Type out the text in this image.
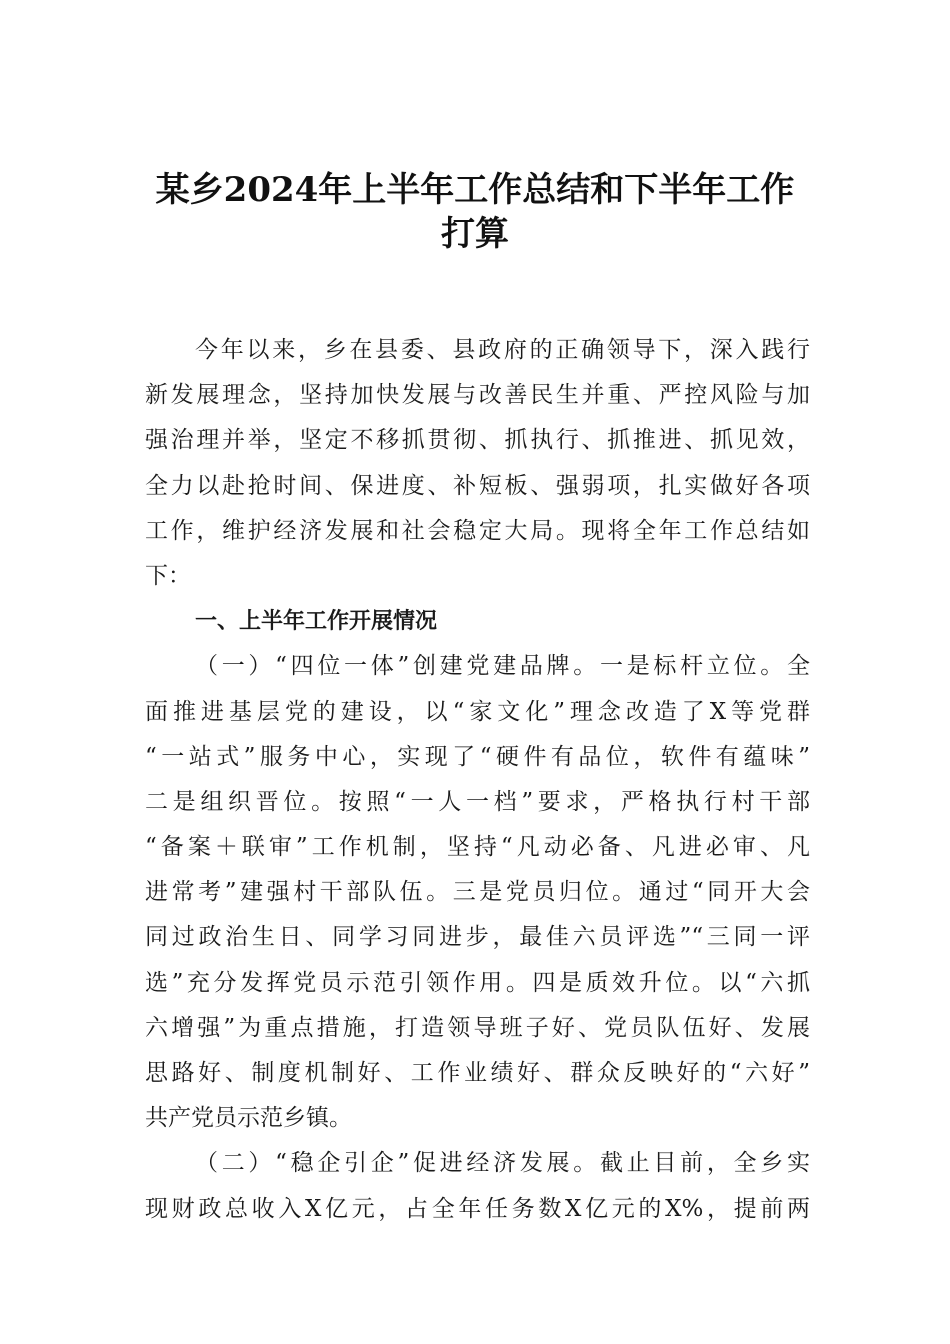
某乡2024年上半年工作总结和下半年工作
打算
今年以来，乡在县委、县政府的正确领导下，深入践行
新发展理念，坚持加快发展与改善民生并重、严控风险与加
强治理并举，坚定不移抓贯彻、抓执行、抓推进、抓见效，
全力以赴抢时间、保进度、补短板、强弱项，扎实做好各项
工作，维护经济发展和社会稳定大局。现将全年工作总结如
下：
一、上半年工作开展情况
（一）“四位一体”创建党建品牌。一是标杆立位。全
面推进基层党的建设，以“家文化”理念改造了X等党群
“一站式”服务中心，实现了“硬件有品位，软件有蕴味”
二是组织晋位。按照“一人一档”要求，严格执行村干部
“备案＋联审”工作机制，坚持“凡动必备、凡进必审、凡
进常考”建强村干部队伍。三是党员归位。通过“同开大会
同过政治生日、同学习同进步，最佳六员评选”“三同一评
选”充分发挥党员示范引领作用。四是质效升位。以“六抓
六增强”为重点措施，打造领导班子好、党员队伍好、发展
思路好、制度机制好、工作业绩好、群众反映好的“六好”
共产党员示范乡镇。
（二）“稳企引企”促进经济发展。截止目前，全乡实
现财政总收入X亿元，占全年任务数X亿元的X%，提前两
